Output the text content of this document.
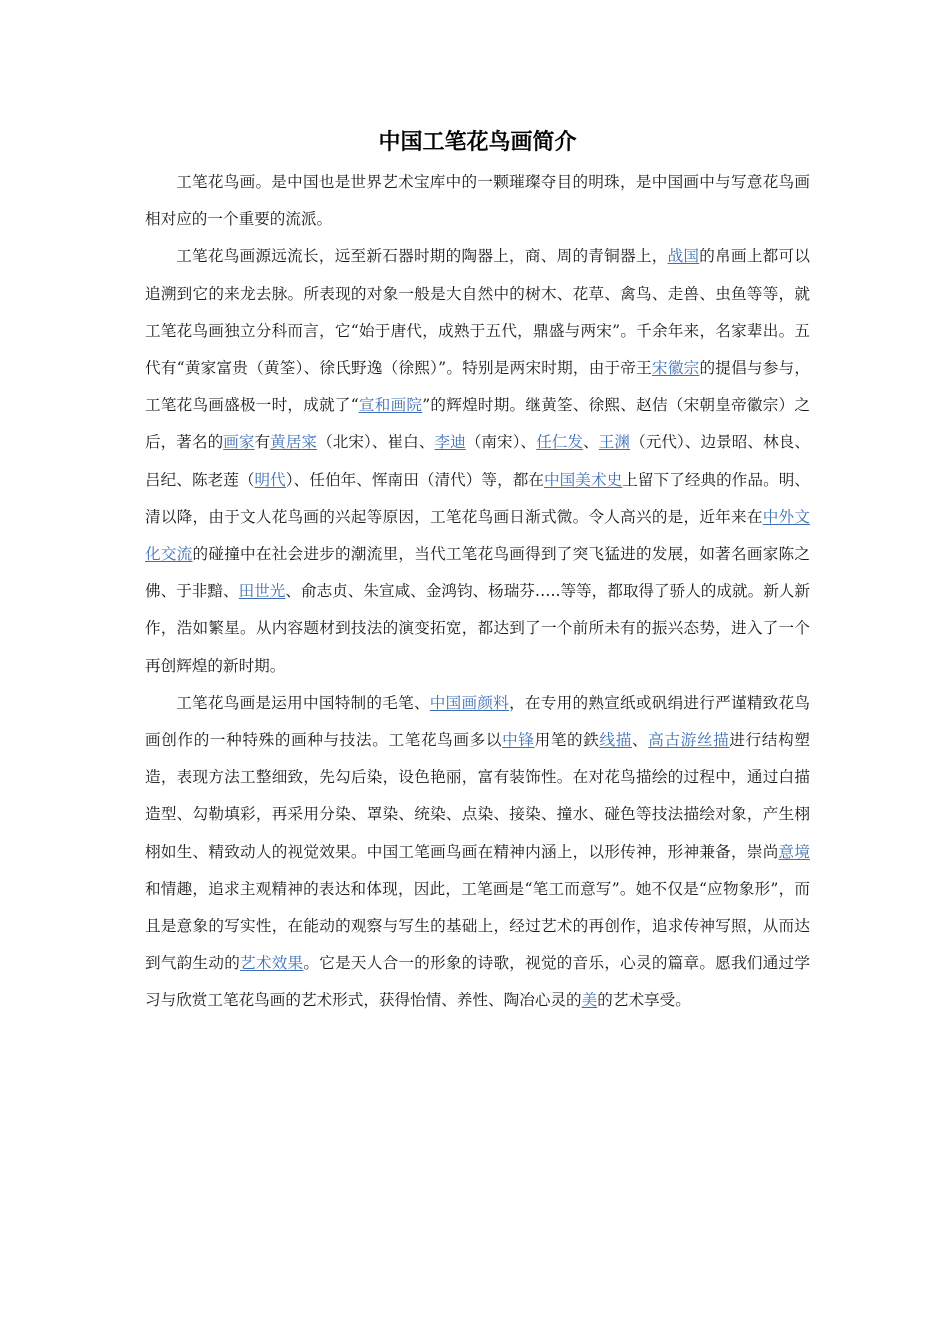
中国工笔花鸟画简介

工笔花鸟画。是中国也是世界艺术宝库中的一颗璀璨夺目的明珠，是中国画中与写意花鸟画相对应的一个重要的流派。

工笔花鸟画源远流长，远至新石器时期的陶器上，商、周的青铜器上，战国的帛画上都可以追溯到它的来龙去脉。所表现的对象一般是大自然中的树木、花草、禽鸟、走兽、虫鱼等等，就工笔花鸟画独立分科而言，它“始于唐代，成熟于五代，鼎盛与两宋”。千余年来，名家辈出。五代有“黄家富贵（黄筌）、徐氏野逸（徐熙）”。特别是两宋时期，由于帝王宋徽宗的提倡与参与，工笔花鸟画盛极一时，成就了“宣和画院”的辉煌时期。继黄筌、徐熙、赵佶（宋朝皇帝徽宗）之后，著名的画家有黄居寀（北宋）、崔白、李迪（南宋）、任仁发、王渊（元代）、边景昭、林良、吕纪、陈老莲（明代）、任伯年、恽南田（清代）等，都在中国美术史上留下了经典的作品。明、清以降，由于文人花鸟画的兴起等原因，工笔花鸟画日渐式微。令人高兴的是，近年来在中外文化交流的碰撞中在社会进步的潮流里，当代工笔花鸟画得到了突飞猛进的发展，如著名画家陈之佛、于非黯、田世光、俞志贞、朱宣咸、金鸿钧、杨瑞芬…..等等，都取得了骄人的成就。新人新作，浩如繁星。从内容题材到技法的演变拓宽，都达到了一个前所未有的振兴态势，进入了一个再创辉煌的新时期。

工笔花鸟画是运用中国特制的毛笔、中国画颜料，在专用的熟宣纸或矾绢进行严谨精致花鸟画创作的一种特殊的画种与技法。工笔花鸟画多以中锋用笔的鉄线描、高古游丝描进行结构塑造，表现方法工整细致，先勾后染，设色艳丽，富有装饰性。在对花鸟描绘的过程中，通过白描造型、勾勒填彩，再采用分染、罩染、统染、点染、接染、撞水、碰色等技法描绘对象，产生栩栩如生、精致动人的视觉效果。中国工笔画鸟画在精神内涵上，以形传神，形神兼备，崇尚意境和情趣，追求主观精神的表达和体现，因此，工笔画是“笔工而意写”。她不仅是“应物象形”，而且是意象的写实性，在能动的观察与写生的基础上，经过艺术的再创作，追求传神写照，从而达到气韵生动的艺术效果。它是天人合一的形象的诗歌，视觉的音乐，心灵的篇章。愿我们通过学习与欣赏工笔花鸟画的艺术形式，获得怡情、养性、陶冶心灵的美的艺术享受。
